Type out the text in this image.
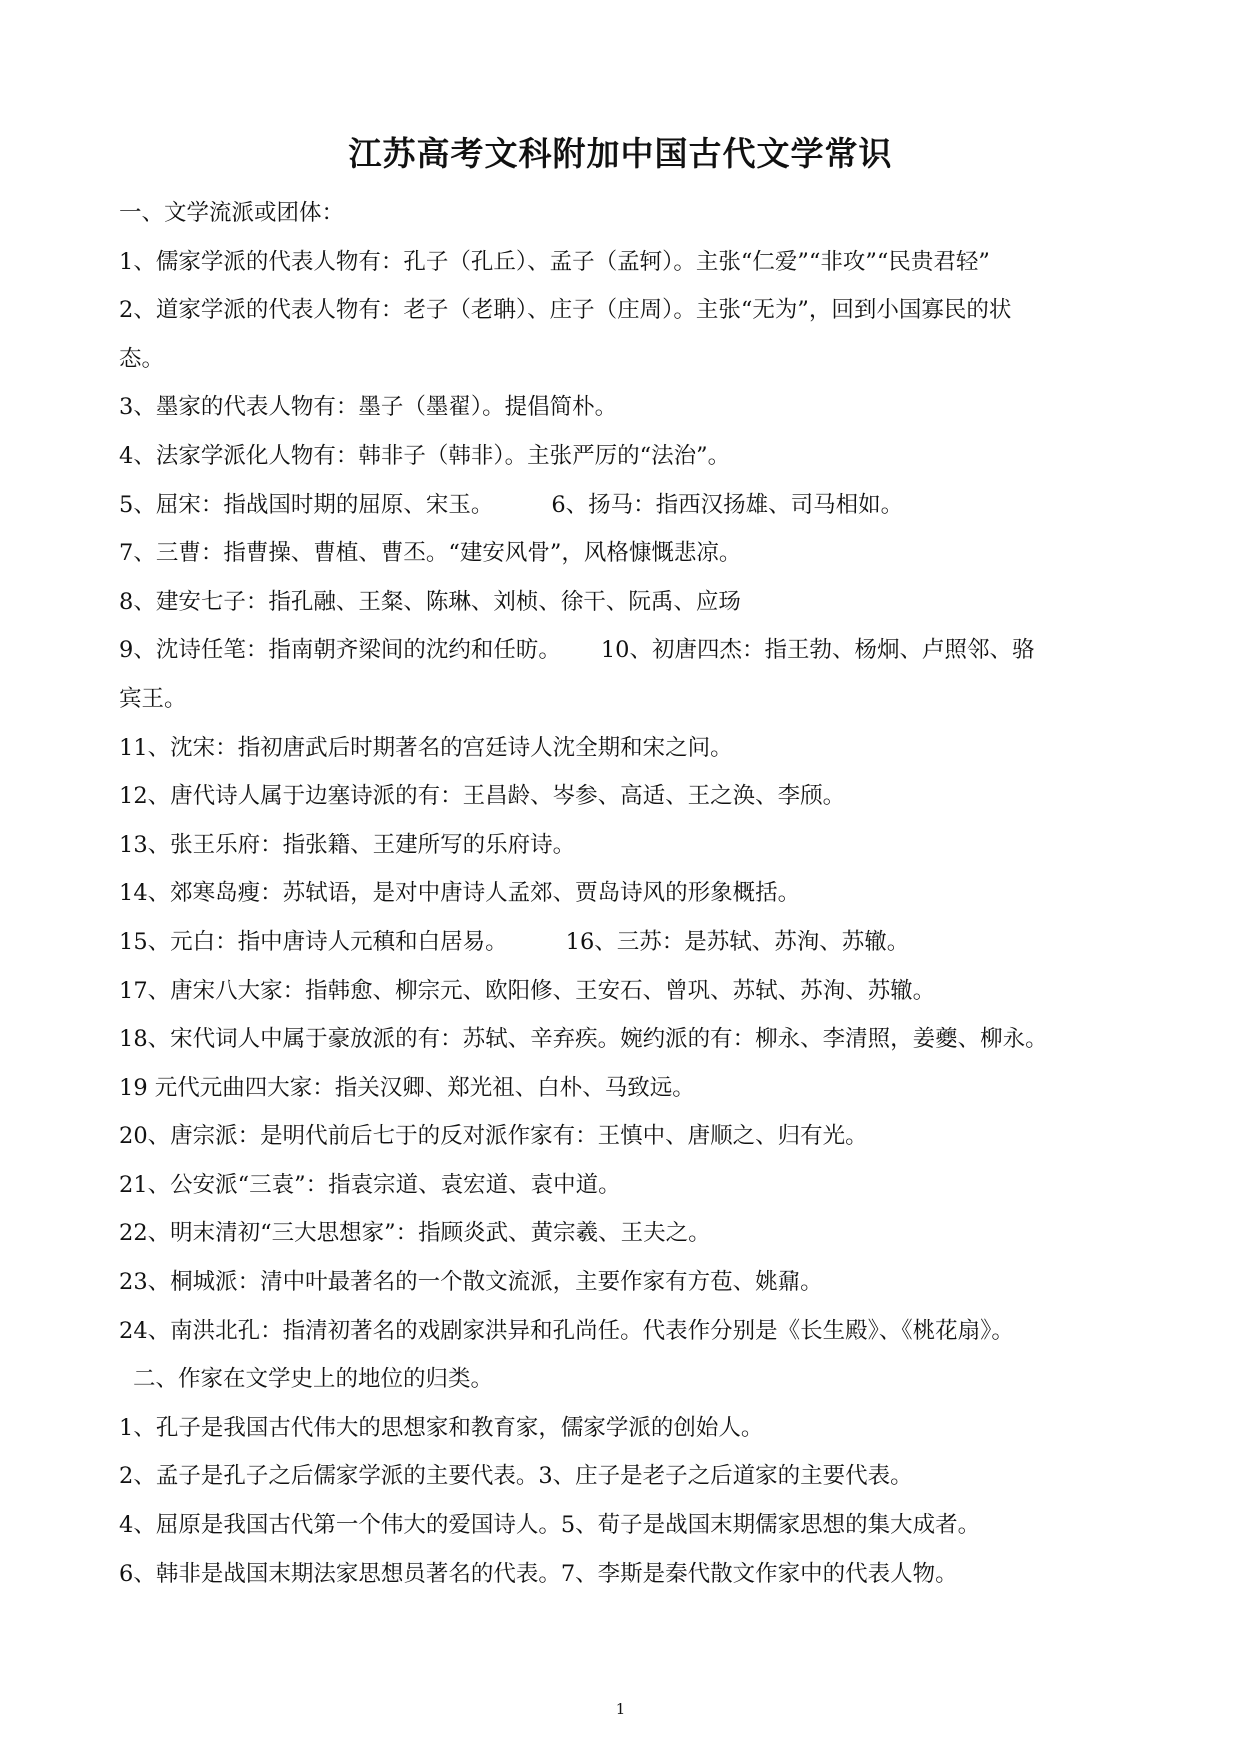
江苏高考文科附加中国古代文学常识
一、文学流派或团体：
1、儒家学派的代表人物有：孔子（孔丘）、孟子（孟轲）。主张“仁爱”“非攻”“民贵君轻”
2、道家学派的代表人物有：老子（老聃）、庄子（庄周）。主张“无为”，回到小国寡民的状
态。
3、墨家的代表人物有：墨子（墨翟）。提倡简朴。
4、法家学派化人物有：韩非子（韩非）。主张严厉的“法治”。
5、屈宋：指战国时期的屈原、宋玉。	6、扬马：指西汉扬雄、司马相如。
7、三曹：指曹操、曹植、曹丕。“建安风骨”，风格慷慨悲凉。
8、建安七子：指孔融、王粲、陈琳、刘桢、徐干、阮禹、应玚
9、沈诗任笔：指南朝齐梁间的沈约和任昉。 10、初唐四杰：指王勃、杨炯、卢照邻、骆
宾王。
11、沈宋：指初唐武后时期著名的宫廷诗人沈全期和宋之问。
12、唐代诗人属于边塞诗派的有：王昌龄、岑参、高适、王之涣、李颀。
13、张王乐府：指张籍、王建所写的乐府诗。
14、郊寒岛瘦：苏轼语，是对中唐诗人孟郊、贾岛诗风的形象概括。
15、元白：指中唐诗人元稹和白居易。	16、三苏：是苏轼、苏洵、苏辙。
17、唐宋八大家：指韩愈、柳宗元、欧阳修、王安石、曾巩、苏轼、苏洵、苏辙。
18、宋代词人中属于豪放派的有：苏轼、辛弃疾。婉约派的有：柳永、李清照，姜夔、柳永。
19 元代元曲四大家：指关汉卿、郑光祖、白朴、马致远。
20、唐宗派：是明代前后七于的反对派作家有：王慎中、唐顺之、归有光。
21、公安派“三袁”：指袁宗道、袁宏道、袁中道。
22、明末清初“三大思想家”：指顾炎武、黄宗羲、王夫之。
23、桐城派：清中叶最著名的一个散文流派，主要作家有方苞、姚鼐。
24、南洪北孔：指清初著名的戏剧家洪异和孔尚任。代表作分别是《长生殿》、《桃花扇》。
二、作家在文学史上的地位的归类。
1、孔子是我国古代伟大的思想家和教育家，儒家学派的创始人。
2、孟子是孔子之后儒家学派的主要代表。3、庄子是老子之后道家的主要代表。
4、屈原是我国古代第一个伟大的爱国诗人。5、荀子是战国末期儒家思想的集大成者。
6、韩非是战国末期法家思想员著名的代表。7、李斯是秦代散文作家中的代表人物。
1
